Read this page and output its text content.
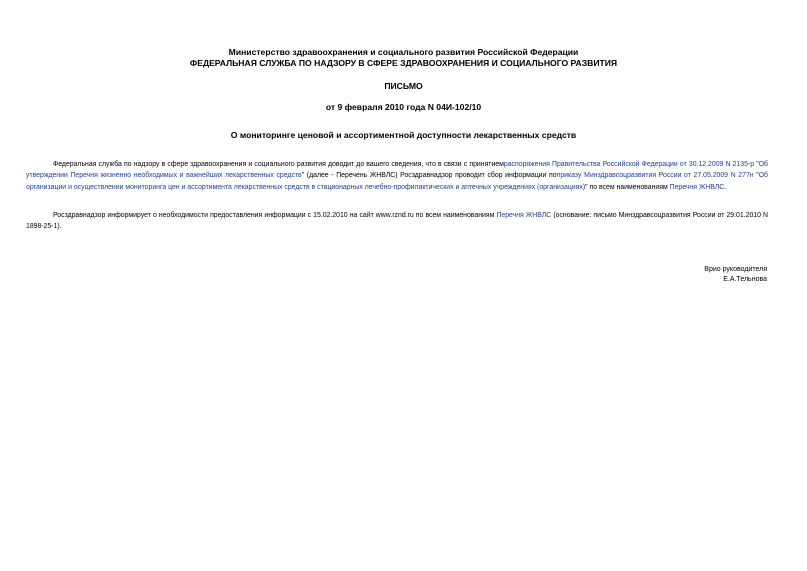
Министерство здравоохранения и социального развития Российской Федерации
ФЕДЕРАЛЬНАЯ СЛУЖБА ПО НАДЗОРУ В СФЕРЕ ЗДРАВООХРАНЕНИЯ И СОЦИАЛЬНОГО РАЗВИТИЯ
ПИСЬМО
от 9 февраля 2010 года N 04И-102/10
О мониторинге ценовой и ассортиментной доступности лекарственных средств
Федеральная служба по надзору в сфере здравоохранения и социального развития доводит до вашего сведения, что в связи с принятиемраспоряжения Правительства Российской Федерации от 30.12.2009 N 2135-р "Об утверждении Перечня жизненно необходимых и важнейших лекарственных средств" (далее - Перечень ЖНВЛС) Росздравнадзор проводит сбор информации поприказу Минздравсоцразвития России от 27.05.2009 N 277н "Об организации и осуществлении мониторинга цен и ассортимента лекарственных средств в стационарных лечебно-профилактических и аптечных учреждениях (организациях)" по всем наименованиям Перечня ЖНВЛС.
Росздравнадзор информирует о необходимости предоставления информации с 15.02.2010 на сайт www.rznd.ru по всем наименованиям Перечня ЖНВЛС (основание: письмо Минздравсоцразвития России от 29.01.2010 N 1898-25-1).
Врио руководителя
Е.А.Тельнова
